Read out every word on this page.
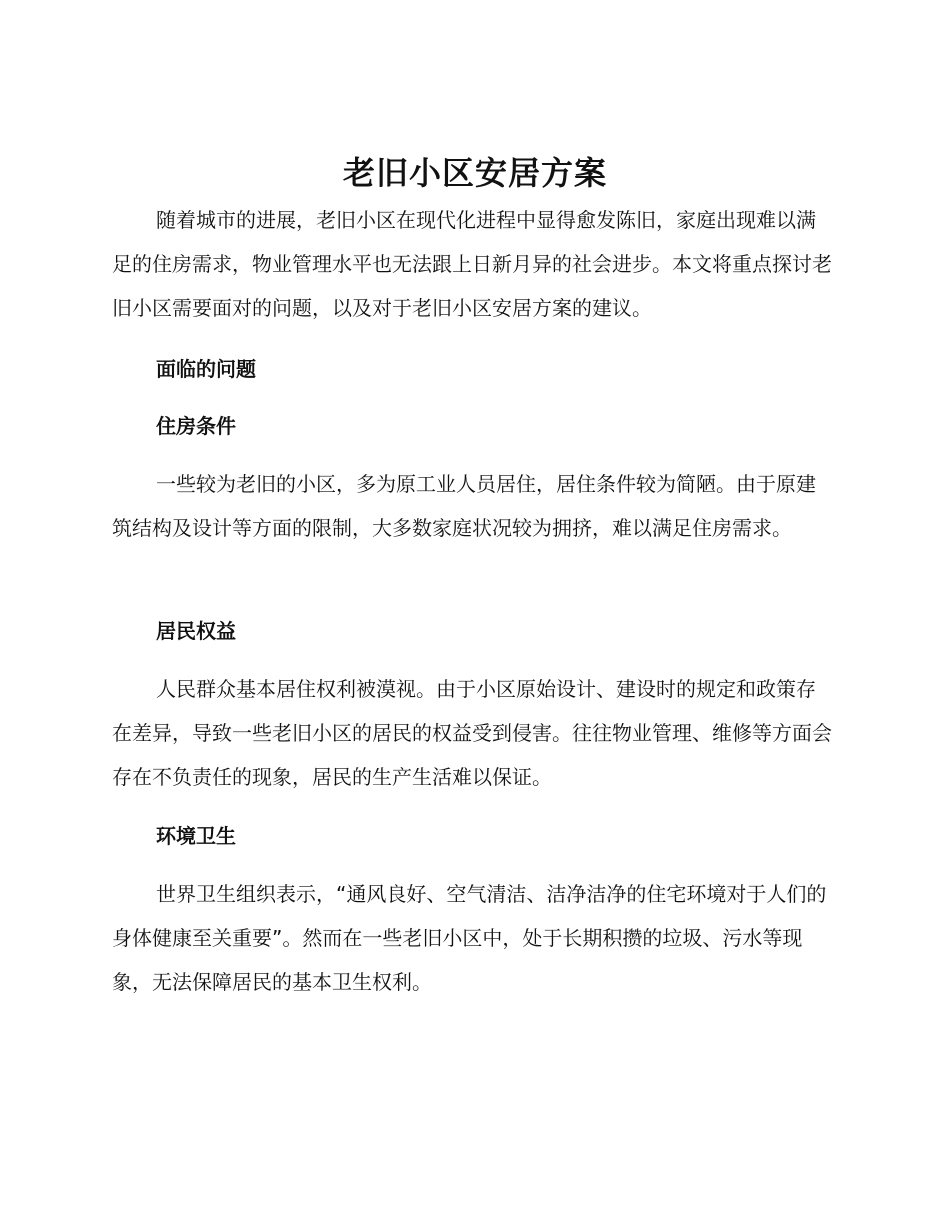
老旧小区安居方案

随着城市的进展，老旧小区在现代化进程中显得愈发陈旧，家庭出现难以满足的住房需求，物业管理水平也无法跟上日新月异的社会进步。本文将重点探讨老旧小区需要面对的问题，以及对于老旧小区安居方案的建议。

面临的问题

住房条件

一些较为老旧的小区，多为原工业人员居住，居住条件较为简陋。由于原建筑结构及设计等方面的限制，大多数家庭状况较为拥挤，难以满足住房需求。

居民权益

人民群众基本居住权利被漠视。由于小区原始设计、建设时的规定和政策存在差异，导致一些老旧小区的居民的权益受到侵害。往往物业管理、维修等方面会存在不负责任的现象，居民的生产生活难以保证。

环境卫生

世界卫生组织表示，“通风良好、空气清洁、洁净洁净的住宅环境对于人们的身体健康至关重要”。然而在一些老旧小区中，处于长期积攒的垃圾、污水等现象，无法保障居民的基本卫生权利。
